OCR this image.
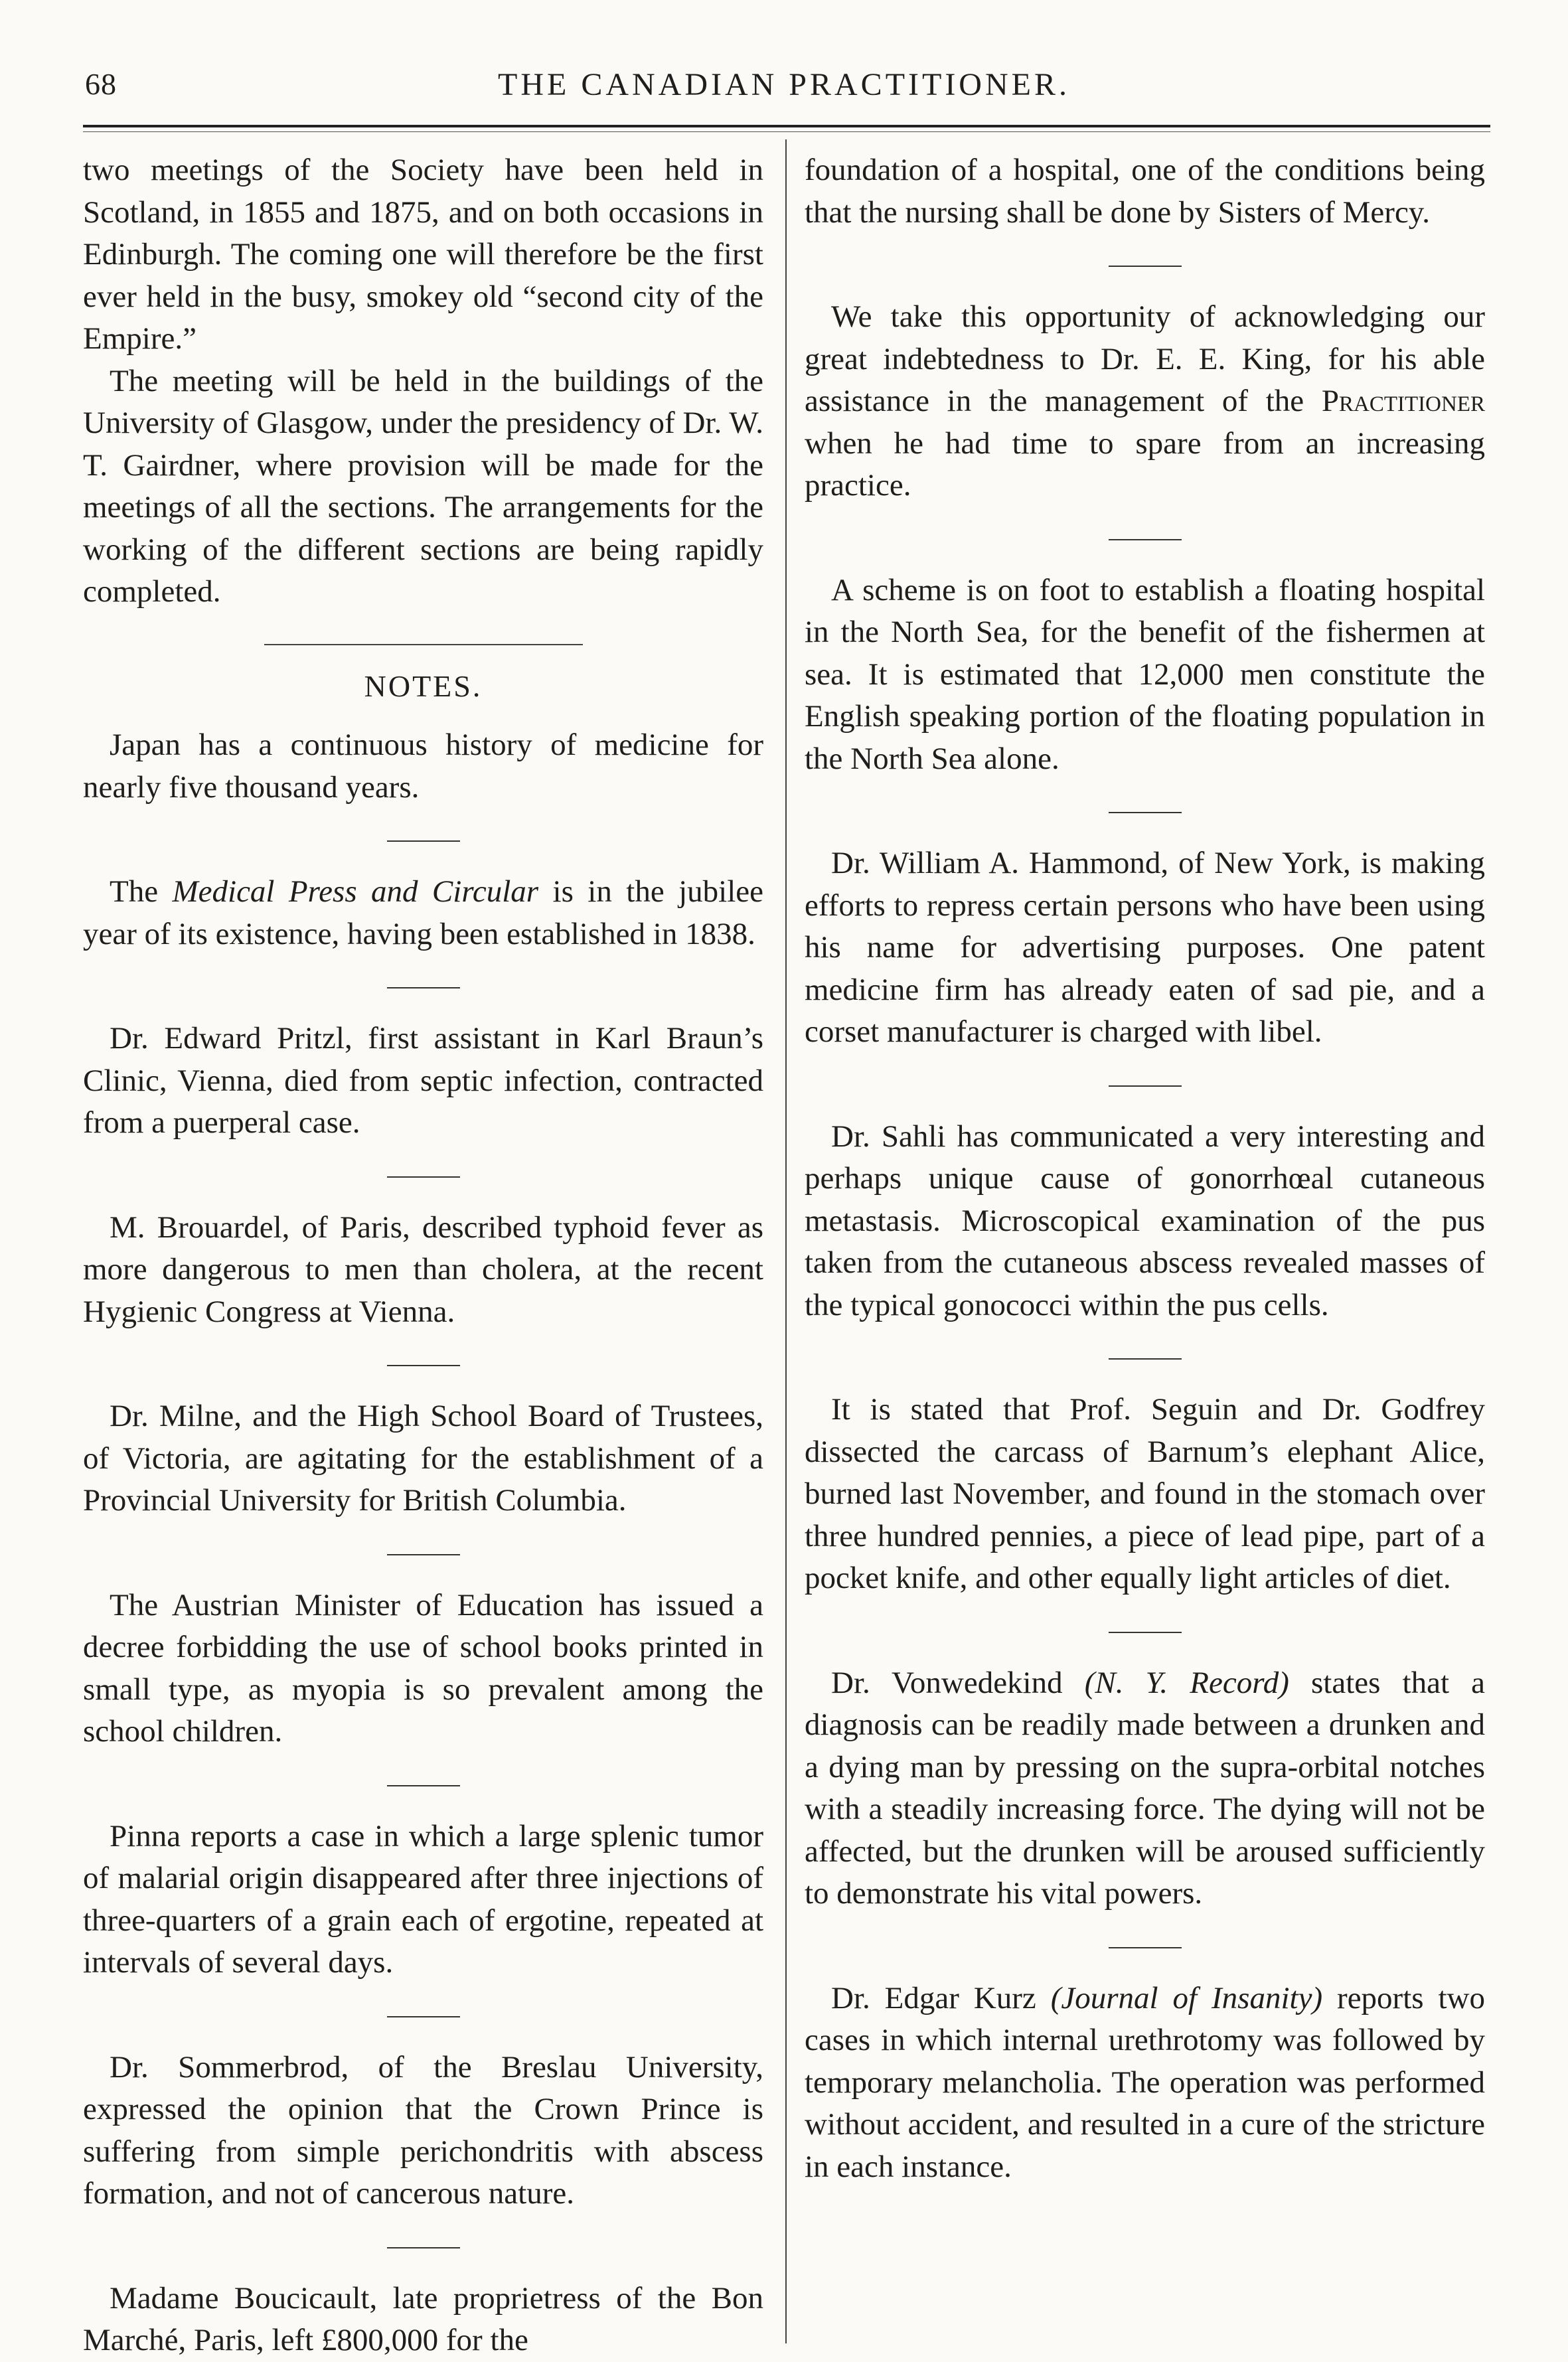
68	THE CANADIAN PRACTITIONER.

two meetings of the Society have been held in Scotland, in 1855 and 1875, and on both occasions in Edinburgh. The coming one will therefore be the first ever held in the busy, smokey old “second city of the Empire.”

The meeting will be held in the buildings of the University of Glasgow, under the presidency of Dr. W. T. Gairdner, where provision will be made for the meetings of all the sections. The arrangements for the working of the different sections are being rapidly completed.

NOTES.

Japan has a continuous history of medicine for nearly five thousand years.

The Medical Press and Circular is in the jubilee year of its existence, having been established in 1838.

Dr. Edward Pritzl, first assistant in Karl Braun’s Clinic, Vienna, died from septic infection, contracted from a puerperal case.

M. Brouardel, of Paris, described typhoid fever as more dangerous to men than cholera, at the recent Hygienic Congress at Vienna.

Dr. Milne, and the High School Board of Trustees, of Victoria, are agitating for the establishment of a Provincial University for British Columbia.

The Austrian Minister of Education has issued a decree forbidding the use of school books printed in small type, as myopia is so prevalent among the school children.

Pinna reports a case in which a large splenic tumor of malarial origin disappeared after three injections of three-quarters of a grain each of ergotine, repeated at intervals of several days.

Dr. Sommerbrod, of the Breslau University, expressed the opinion that the Crown Prince is suffering from simple perichondritis with abscess formation, and not of cancerous nature.

Madame Boucicault, late proprietress of the Bon Marché, Paris, left £800,000 for the

foundation of a hospital, one of the conditions being that the nursing shall be done by Sisters of Mercy.

We take this opportunity of acknowledging our great indebtedness to Dr. E. E. King, for his able assistance in the management of the Practitioner when he had time to spare from an increasing practice.

A scheme is on foot to establish a floating hospital in the North Sea, for the benefit of the fishermen at sea. It is estimated that 12,000 men constitute the English speaking portion of the floating population in the North Sea alone.

Dr. William A. Hammond, of New York, is making efforts to repress certain persons who have been using his name for advertising purposes. One patent medicine firm has already eaten of sad pie, and a corset manufacturer is charged with libel.

Dr. Sahli has communicated a very interesting and perhaps unique cause of gonorrhœal cutaneous metastasis. Microscopical examination of the pus taken from the cutaneous abscess revealed masses of the typical gonococci within the pus cells.

It is stated that Prof. Seguin and Dr. Godfrey dissected the carcass of Barnum’s elephant Alice, burned last November, and found in the stomach over three hundred pennies, a piece of lead pipe, part of a pocket knife, and other equally light articles of diet.

Dr. Vonwedekind (N. Y. Record) states that a diagnosis can be readily made between a drunken and a dying man by pressing on the supra-orbital notches with a steadily increasing force. The dying will not be affected, but the drunken will be aroused sufficiently to demonstrate his vital powers.

Dr. Edgar Kurz (Journal of Insanity) reports two cases in which internal urethrotomy was followed by temporary melancholia. The operation was performed without accident, and resulted in a cure of the stricture in each instance.
